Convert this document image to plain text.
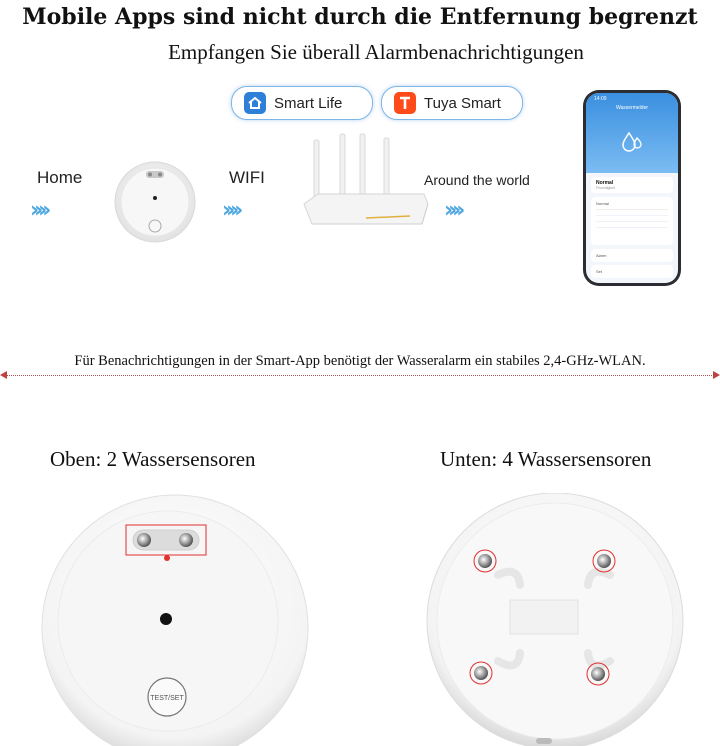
Mobile Apps sind nicht durch die Entfernung begrenzt
Empfangen Sie überall Alarmbenachrichtigungen
Smart Life	Tuya Smart
Home
››››
WIFI
››››
Around the world
››››
14:09
Wassermelder
Normal
Feuchtigkeit
Normal
Alarm
Set
Für Benachrichtigungen in der Smart-App benötigt der Wasseralarm ein stabiles 2,4-GHz-WLAN.
Oben: 2 Wassersensoren	Unten: 4 Wassersensoren
TEST/SET
